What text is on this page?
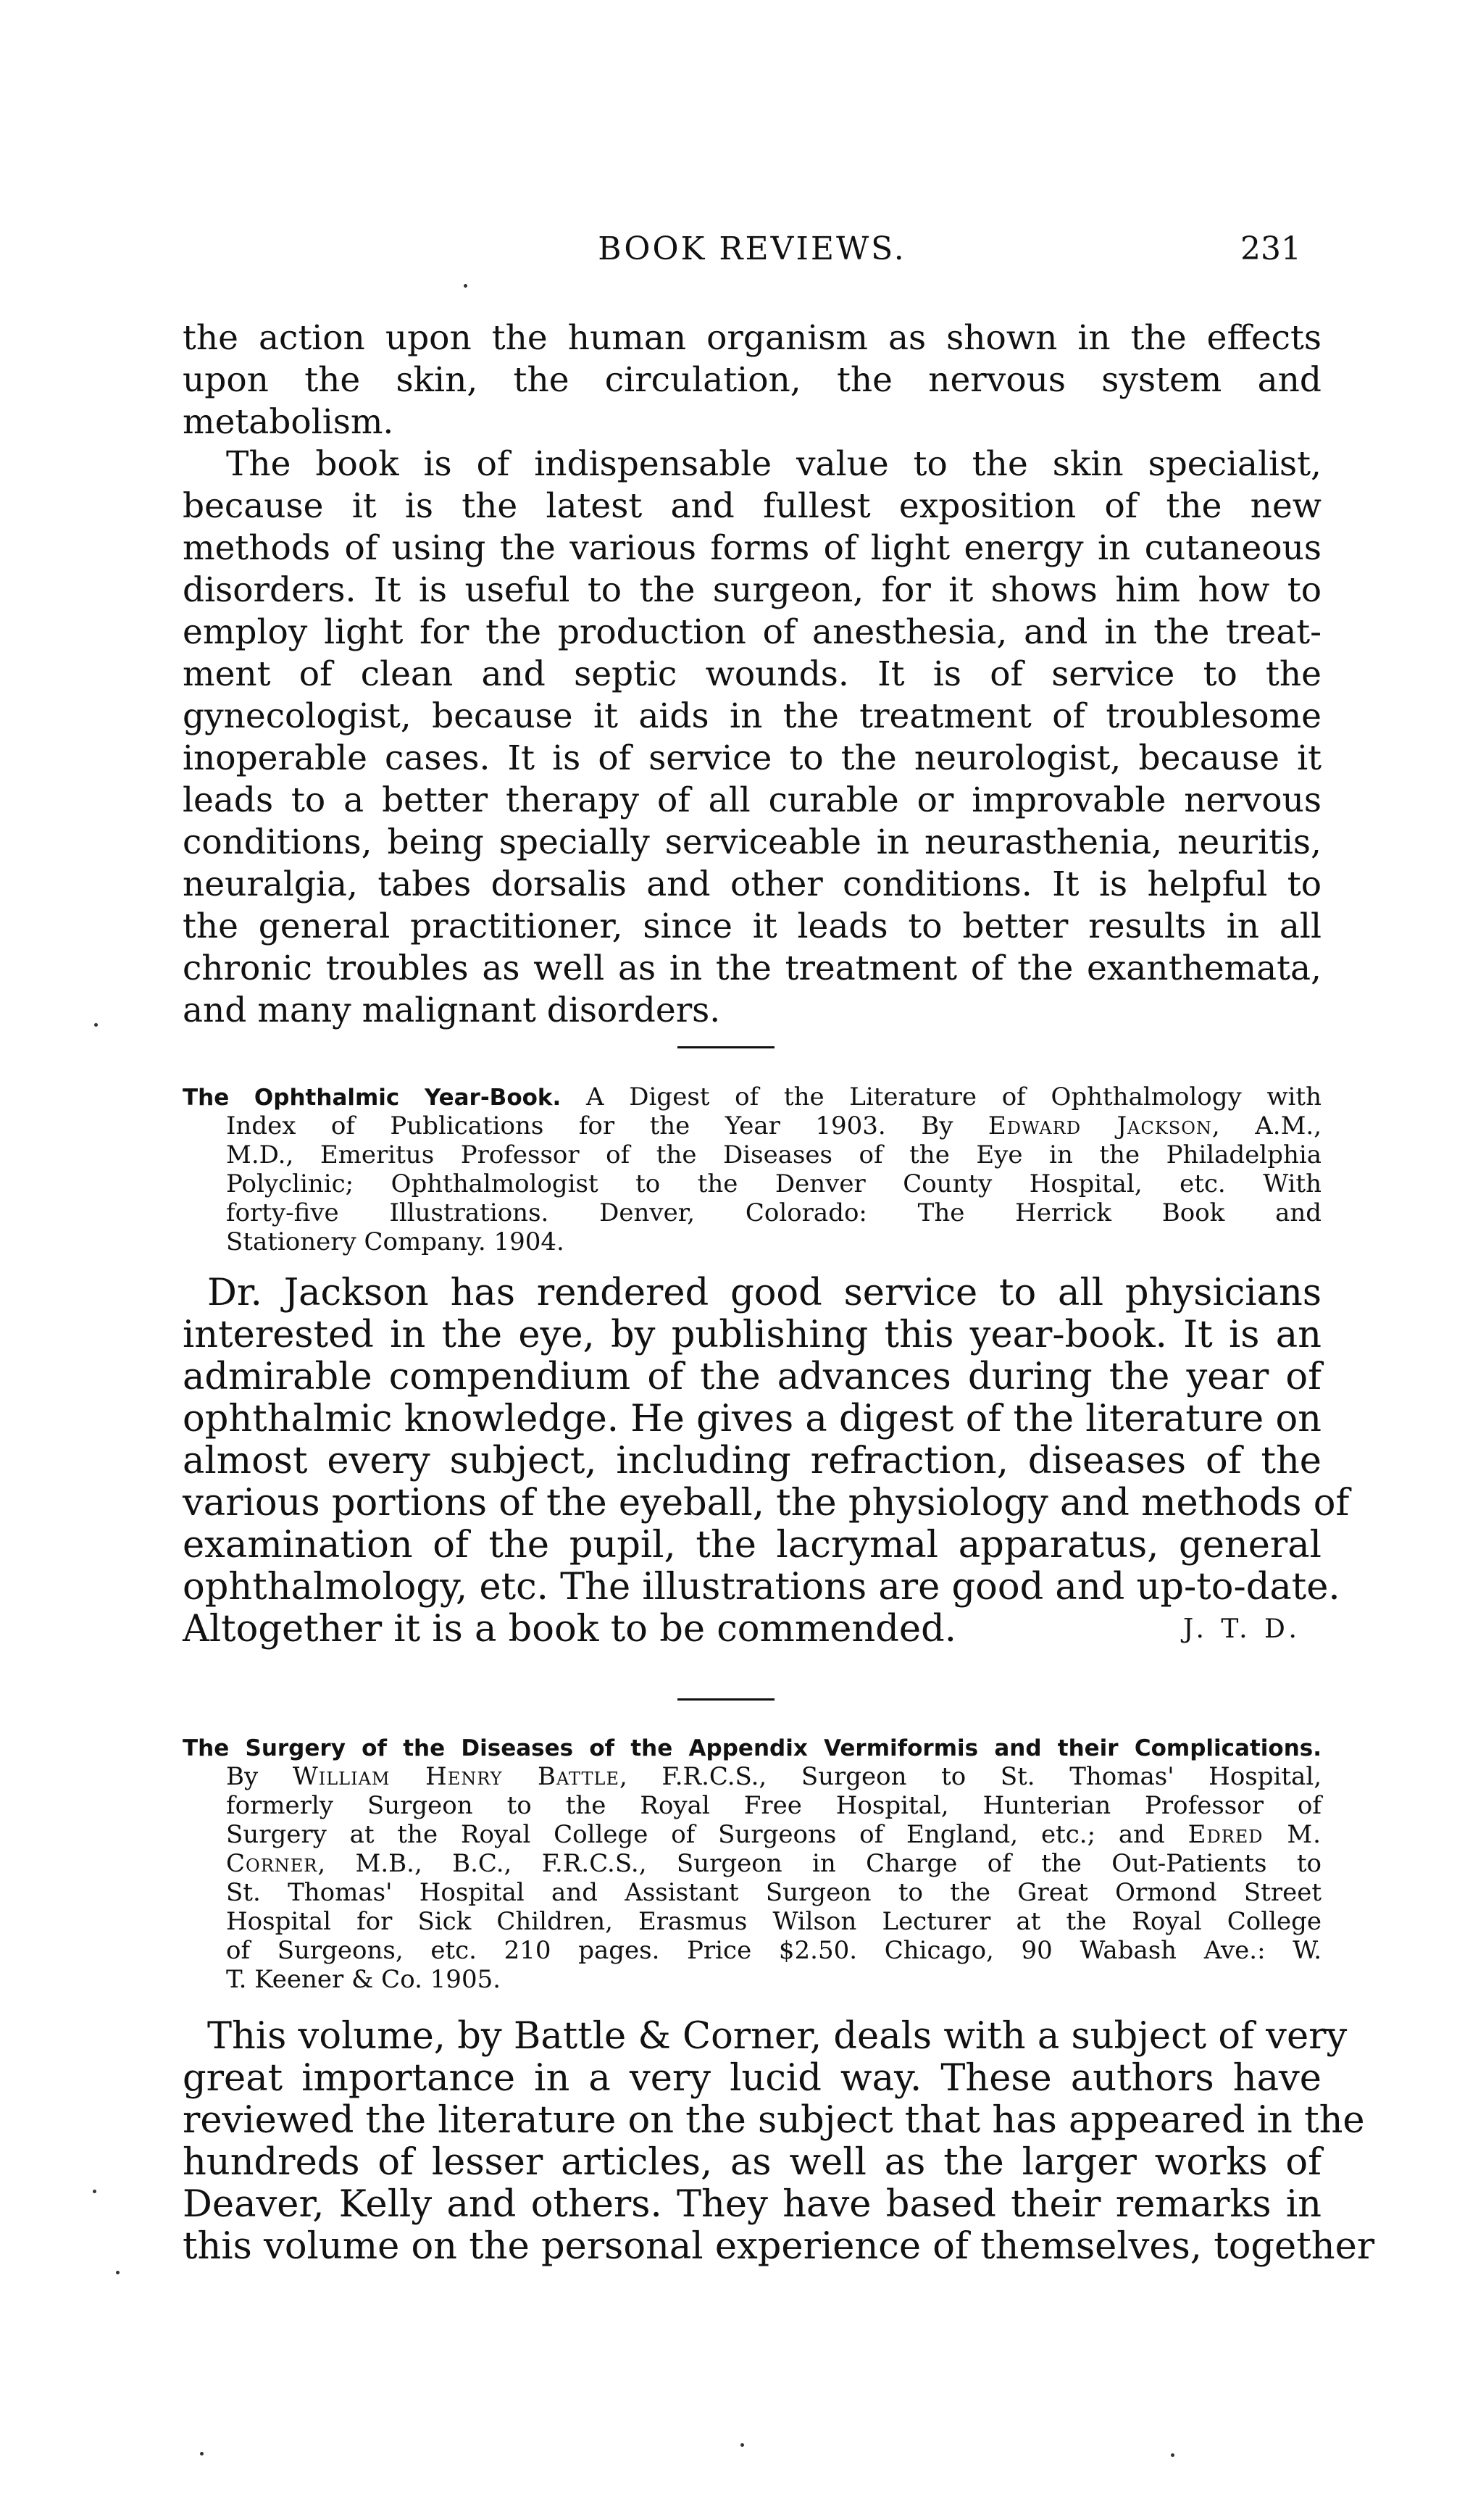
BOOK REVIEWS.	231
the action upon the human organism as shown in the effects
upon the skin, the circulation, the nervous system and
metabolism.
The book is of indispensable value to the skin specialist,
because it is the latest and fullest exposition of the new
methods of using the various forms of light energy in cutaneous
disorders. It is useful to the surgeon, for it shows him how to
employ light for the production of anesthesia, and in the treat-
ment of clean and septic wounds. It is of service to the
gynecologist, because it aids in the treatment of troublesome
inoperable cases. It is of service to the neurologist, because it
leads to a better therapy of all curable or improvable nervous
conditions, being specially serviceable in neurasthenia, neuritis,
neuralgia, tabes dorsalis and other conditions. It is helpful to
the general practitioner, since it leads to better results in all
chronic troubles as well as in the treatment of the exanthemata,
and many malignant disorders.
The Ophthalmic Year-Book. A Digest of the Literature of Ophthalmology with
Index of Publications for the Year 1903. By Edward Jackson, A.M.,
M.D., Emeritus Professor of the Diseases of the Eye in the Philadelphia
Polyclinic; Ophthalmologist to the Denver County Hospital, etc. With
forty-five Illustrations. Denver, Colorado: The Herrick Book and
Stationery Company. 1904.
Dr. Jackson has rendered good service to all physicians
interested in the eye, by publishing this year-book. It is an
admirable compendium of the advances during the year of
ophthalmic knowledge. He gives a digest of the literature on
almost every subject, including refraction, diseases of the
various portions of the eyeball, the physiology and methods of
examination of the pupil, the lacrymal apparatus, general
ophthalmology, etc. The illustrations are good and up-to-date.
Altogether it is a book to be commended.	J. T. D.
The Surgery of the Diseases of the Appendix Vermiformis and their Complications.
By William Henry Battle, F.R.C.S., Surgeon to St. Thomas' Hospital,
formerly Surgeon to the Royal Free Hospital, Hunterian Professor of
Surgery at the Royal College of Surgeons of England, etc.; and Edred M.
Corner, M.B., B.C., F.R.C.S., Surgeon in Charge of the Out-Patients to
St. Thomas' Hospital and Assistant Surgeon to the Great Ormond Street
Hospital for Sick Children, Erasmus Wilson Lecturer at the Royal College
of Surgeons, etc. 210 pages. Price $2.50. Chicago, 90 Wabash Ave.: W.
T. Keener & Co. 1905.
This volume, by Battle & Corner, deals with a subject of very
great importance in a very lucid way. These authors have
reviewed the literature on the subject that has appeared in the
hundreds of lesser articles, as well as the larger works of
Deaver, Kelly and others. They have based their remarks in
this volume on the personal experience of themselves, together
